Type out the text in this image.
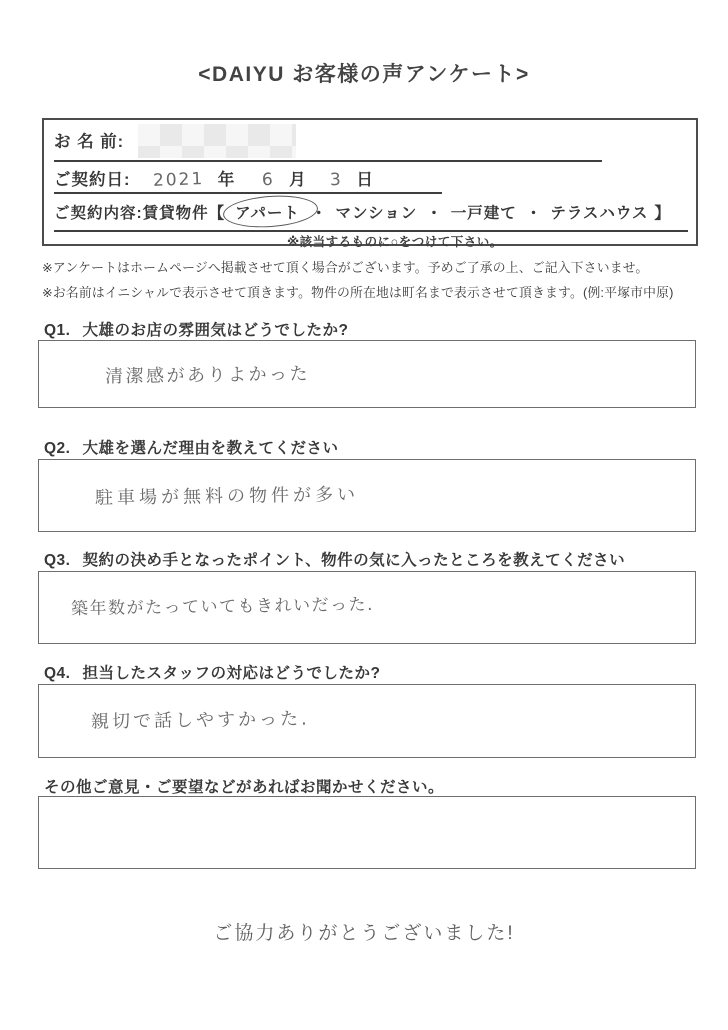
<DAIYU お客様の声アンケート>
お 名 前:
ご契約日: 2021 年 6 月 3 日
ご契約内容:賃貸物件【 アパート ・ マンション ・ 一戸建て ・ テラスハウス 】
※該当するものに○をつけて下さい。
※アンケートはホームページへ掲載させて頂く場合がございます。予めご了承の上、ご記入下さいませ。
※お名前はイニシャルで表示させて頂きます。物件の所在地は町名まで表示させて頂きます。(例:平塚市中原)
Q1. 大雄のお店の雰囲気はどうでしたか?
清潔感がありよかった
Q2. 大雄を選んだ理由を教えてください
駐車場が無料の物件が多い
Q3. 契約の決め手となったポイント、物件の気に入ったところを教えてください
築年数がたっていてもきれいだった.
Q4. 担当したスタッフの対応はどうでしたか?
親切で話しやすかった.
その他ご意見・ご要望などがあればお聞かせください。
ご協力ありがとうございました!
